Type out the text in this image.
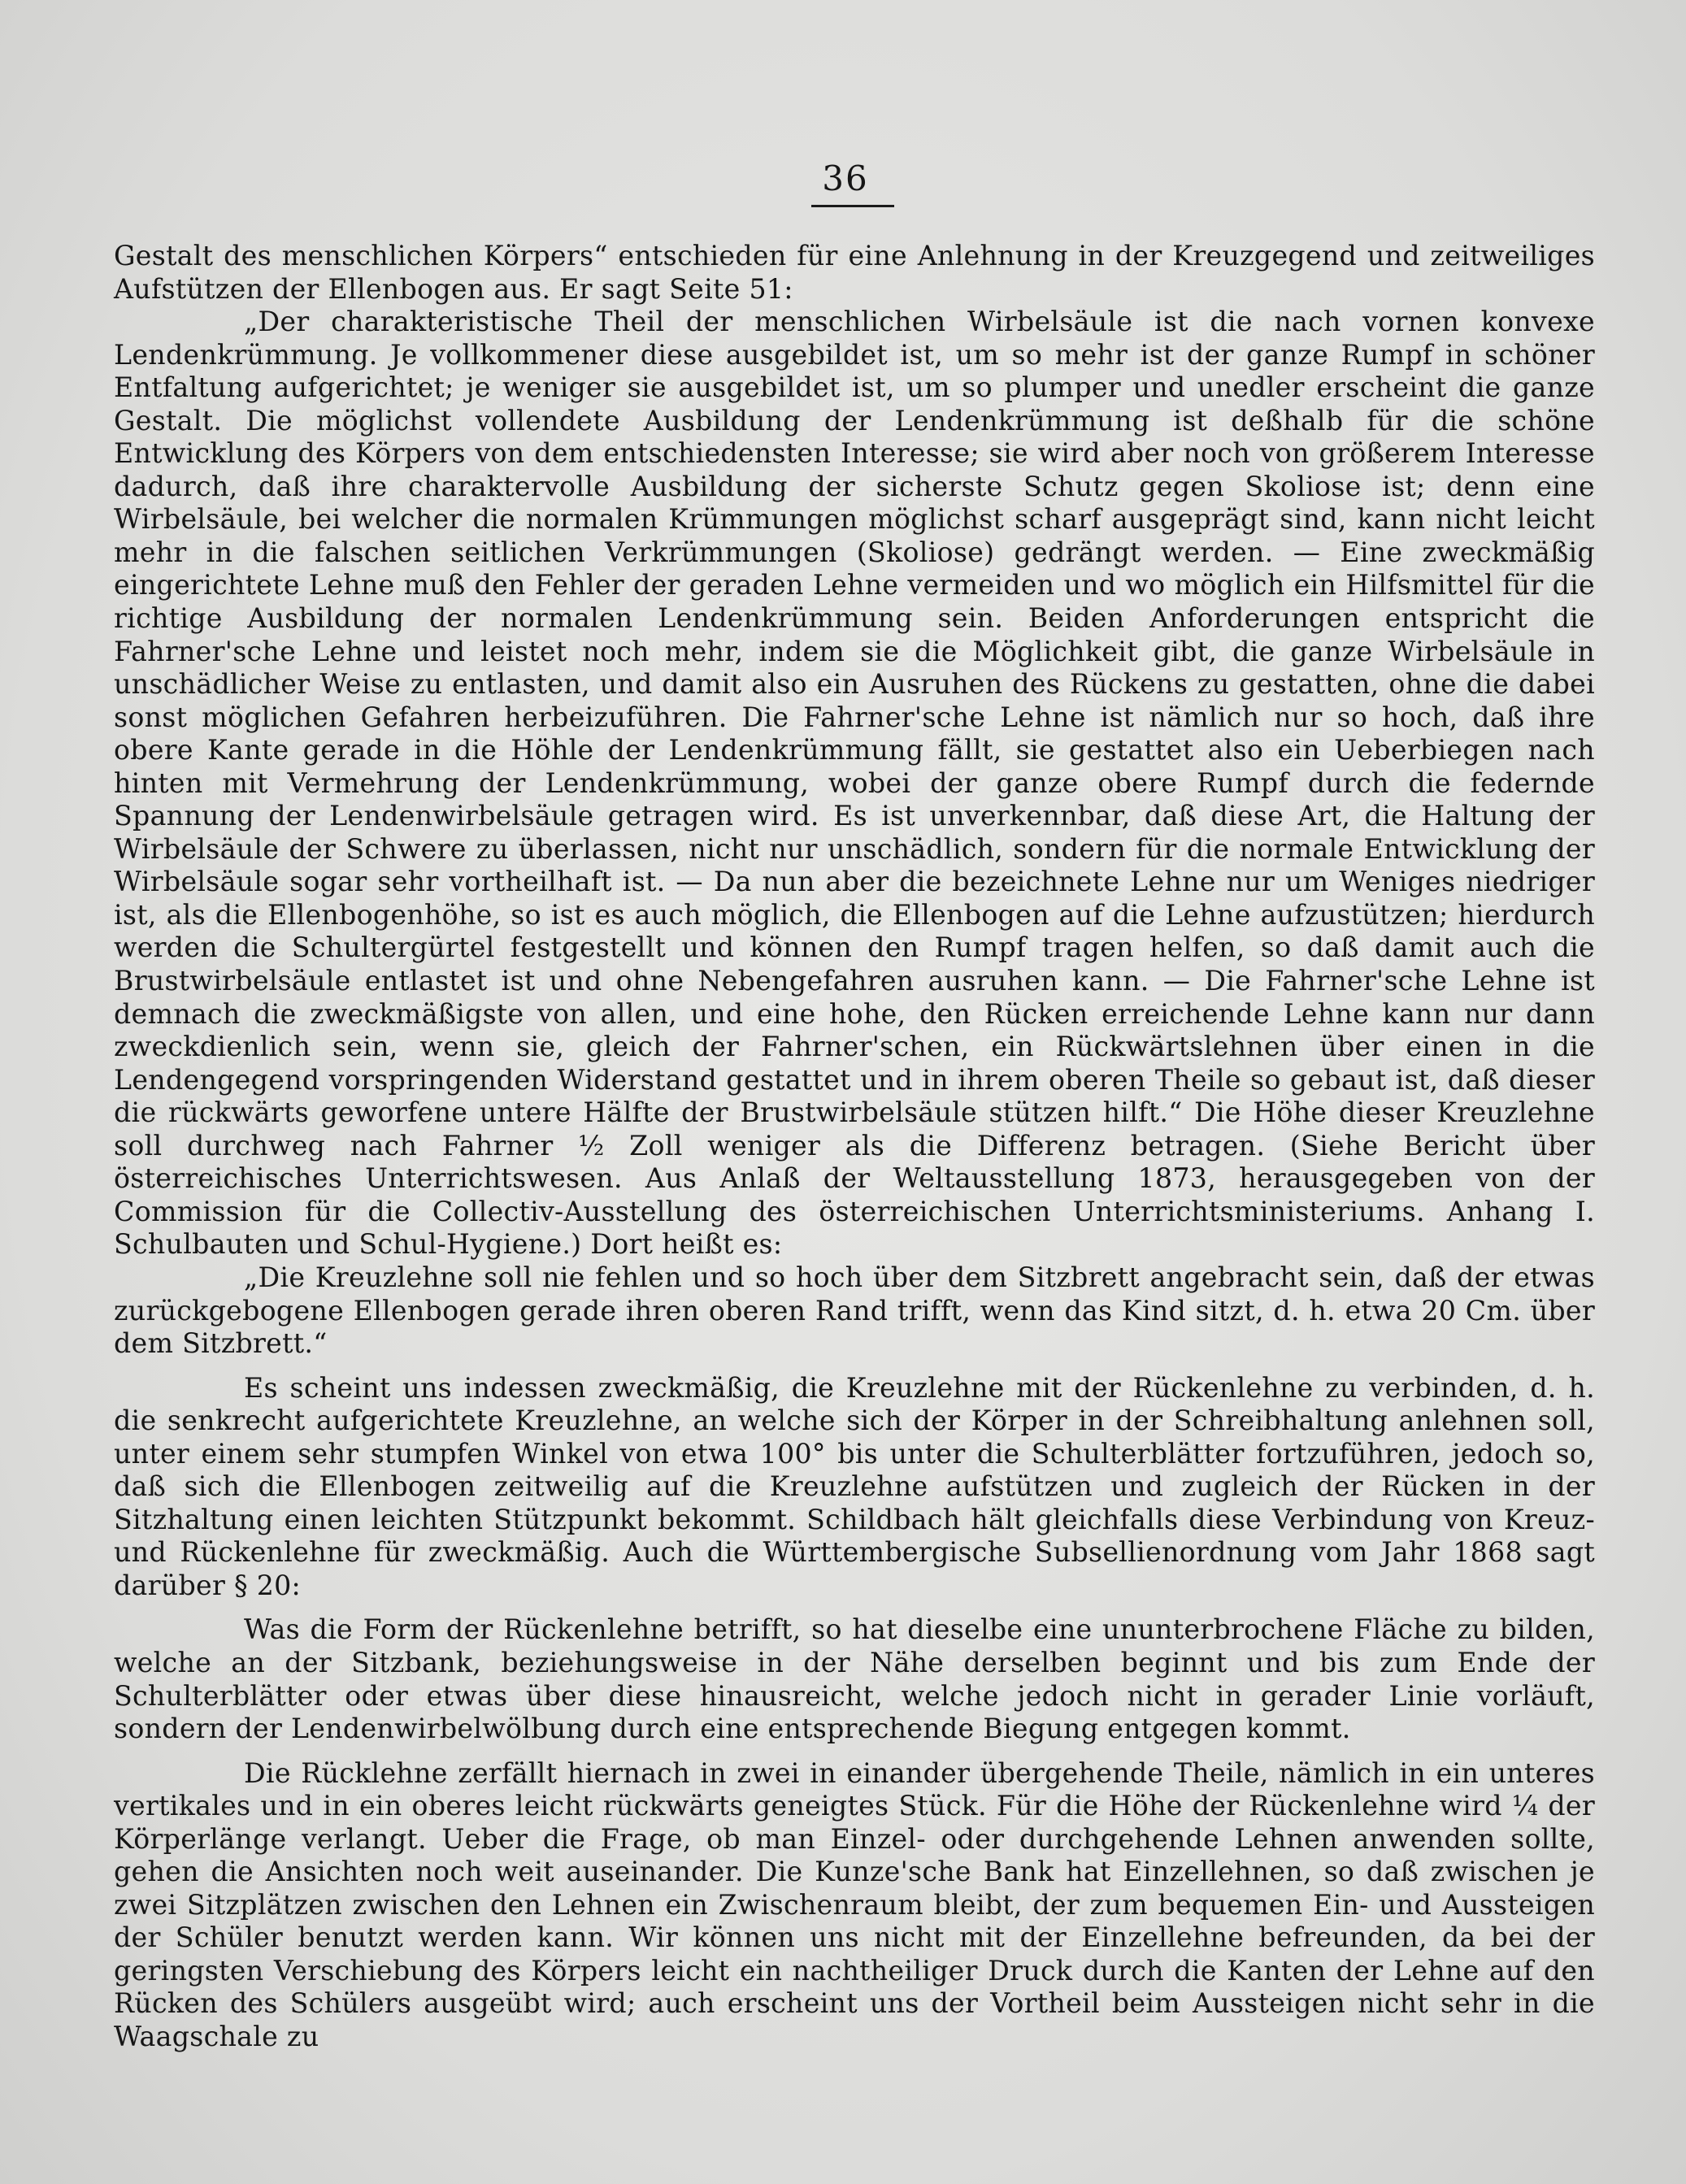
36

Gestalt des menschlichen Körpers“ entschieden für eine Anlehnung in der Kreuzgegend und zeitweiliges Aufstützen der Ellenbogen aus. Er sagt Seite 51:

„Der charakteristische Theil der menschlichen Wirbelsäule ist die nach vornen konvexe Lendenkrümmung. Je vollkommener diese ausgebildet ist, um so mehr ist der ganze Rumpf in schöner Entfaltung aufgerichtet; je weniger sie ausgebildet ist, um so plumper und unedler erscheint die ganze Gestalt. Die möglichst vollendete Ausbildung der Lendenkrümmung ist deßhalb für die schöne Entwicklung des Körpers von dem entschiedensten Interesse; sie wird aber noch von größerem Interesse dadurch, daß ihre charaktervolle Ausbildung der sicherste Schutz gegen Skoliose ist; denn eine Wirbelsäule, bei welcher die normalen Krümmungen möglichst scharf ausgeprägt sind, kann nicht leicht mehr in die falschen seitlichen Verkrümmungen (Skoliose) gedrängt werden. — Eine zweckmäßig eingerichtete Lehne muß den Fehler der geraden Lehne vermeiden und wo möglich ein Hilfsmittel für die richtige Ausbildung der normalen Lendenkrümmung sein. Beiden Anforderungen entspricht die Fahrner'sche Lehne und leistet noch mehr, indem sie die Möglichkeit gibt, die ganze Wirbelsäule in unschädlicher Weise zu entlasten, und damit also ein Ausruhen des Rückens zu gestatten, ohne die dabei sonst möglichen Gefahren herbeizuführen. Die Fahrner'sche Lehne ist nämlich nur so hoch, daß ihre obere Kante gerade in die Höhle der Lendenkrümmung fällt, sie gestattet also ein Ueberbiegen nach hinten mit Vermehrung der Lendenkrümmung, wobei der ganze obere Rumpf durch die federnde Spannung der Lendenwirbelsäule getragen wird. Es ist unverkennbar, daß diese Art, die Haltung der Wirbelsäule der Schwere zu überlassen, nicht nur unschädlich, sondern für die normale Entwicklung der Wirbelsäule sogar sehr vortheilhaft ist. — Da nun aber die bezeichnete Lehne nur um Weniges niedriger ist, als die Ellenbogenhöhe, so ist es auch möglich, die Ellenbogen auf die Lehne aufzustützen; hierdurch werden die Schultergürtel festgestellt und können den Rumpf tragen helfen, so daß damit auch die Brustwirbelsäule entlastet ist und ohne Nebengefahren ausruhen kann. — Die Fahrner'sche Lehne ist demnach die zweckmäßigste von allen, und eine hohe, den Rücken erreichende Lehne kann nur dann zweckdienlich sein, wenn sie, gleich der Fahrner'schen, ein Rückwärtslehnen über einen in die Lendengegend vorspringenden Widerstand gestattet und in ihrem oberen Theile so gebaut ist, daß dieser die rückwärts geworfene untere Hälfte der Brustwirbelsäule stützen hilft.“ Die Höhe dieser Kreuzlehne soll durchweg nach Fahrner ½ Zoll weniger als die Differenz betragen. (Siehe Bericht über österreichisches Unterrichtswesen. Aus Anlaß der Weltausstellung 1873, herausgegeben von der Commission für die Collectiv-Ausstellung des österreichischen Unterrichtsministeriums. Anhang I. Schulbauten und Schul-Hygiene.) Dort heißt es:

„Die Kreuzlehne soll nie fehlen und so hoch über dem Sitzbrett angebracht sein, daß der etwas zurückgebogene Ellenbogen gerade ihren oberen Rand trifft, wenn das Kind sitzt, d. h. etwa 20 Cm. über dem Sitzbrett.“

Es scheint uns indessen zweckmäßig, die Kreuzlehne mit der Rückenlehne zu verbinden, d. h. die senkrecht aufgerichtete Kreuzlehne, an welche sich der Körper in der Schreibhaltung anlehnen soll, unter einem sehr stumpfen Winkel von etwa 100° bis unter die Schulterblätter fortzuführen, jedoch so, daß sich die Ellenbogen zeitweilig auf die Kreuzlehne aufstützen und zugleich der Rücken in der Sitzhaltung einen leichten Stützpunkt bekommt. Schildbach hält gleichfalls diese Verbindung von Kreuz- und Rückenlehne für zweckmäßig. Auch die Württembergische Subsellienordnung vom Jahr 1868 sagt darüber § 20:

Was die Form der Rückenlehne betrifft, so hat dieselbe eine ununterbrochene Fläche zu bilden, welche an der Sitzbank, beziehungsweise in der Nähe derselben beginnt und bis zum Ende der Schulterblätter oder etwas über diese hinausreicht, welche jedoch nicht in gerader Linie vorläuft, sondern der Lendenwirbelwölbung durch eine entsprechende Biegung entgegen kommt.

Die Rücklehne zerfällt hiernach in zwei in einander übergehende Theile, nämlich in ein unteres vertikales und in ein oberes leicht rückwärts geneigtes Stück. Für die Höhe der Rückenlehne wird ¼ der Körperlänge verlangt. Ueber die Frage, ob man Einzel- oder durchgehende Lehnen anwenden sollte, gehen die Ansichten noch weit auseinander. Die Kunze'sche Bank hat Einzellehnen, so daß zwischen je zwei Sitzplätzen zwischen den Lehnen ein Zwischenraum bleibt, der zum bequemen Ein- und Aussteigen der Schüler benutzt werden kann. Wir können uns nicht mit der Einzellehne befreunden, da bei der geringsten Verschiebung des Körpers leicht ein nachtheiliger Druck durch die Kanten der Lehne auf den Rücken des Schülers ausgeübt wird; auch erscheint uns der Vortheil beim Aussteigen nicht sehr in die Waagschale zu
